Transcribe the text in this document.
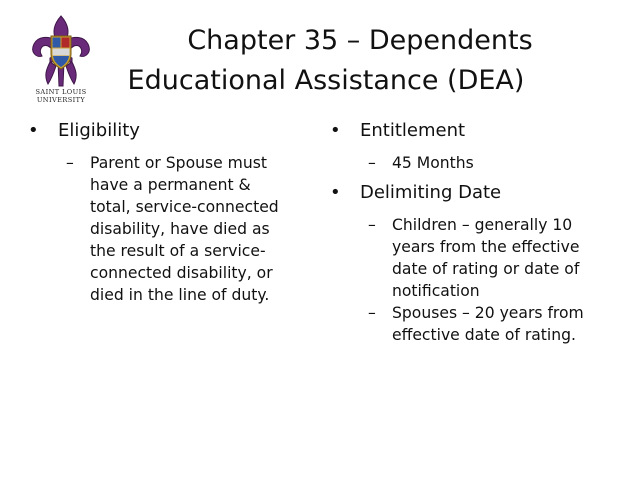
SAINT LOUIS
UNIVERSITY
Chapter 35 – Dependents
Educational Assistance (DEA)
• Eligibility
– Parent or Spouse must
have a permanent &
total, service-connected
disability, have died as
the result of a service-
connected disability, or
died in the line of duty.
• Entitlement
– 45 Months
• Delimiting Date
– Children – generally 10
years from the effective
date of rating or date of
notification
– Spouses – 20 years from
effective date of rating.
